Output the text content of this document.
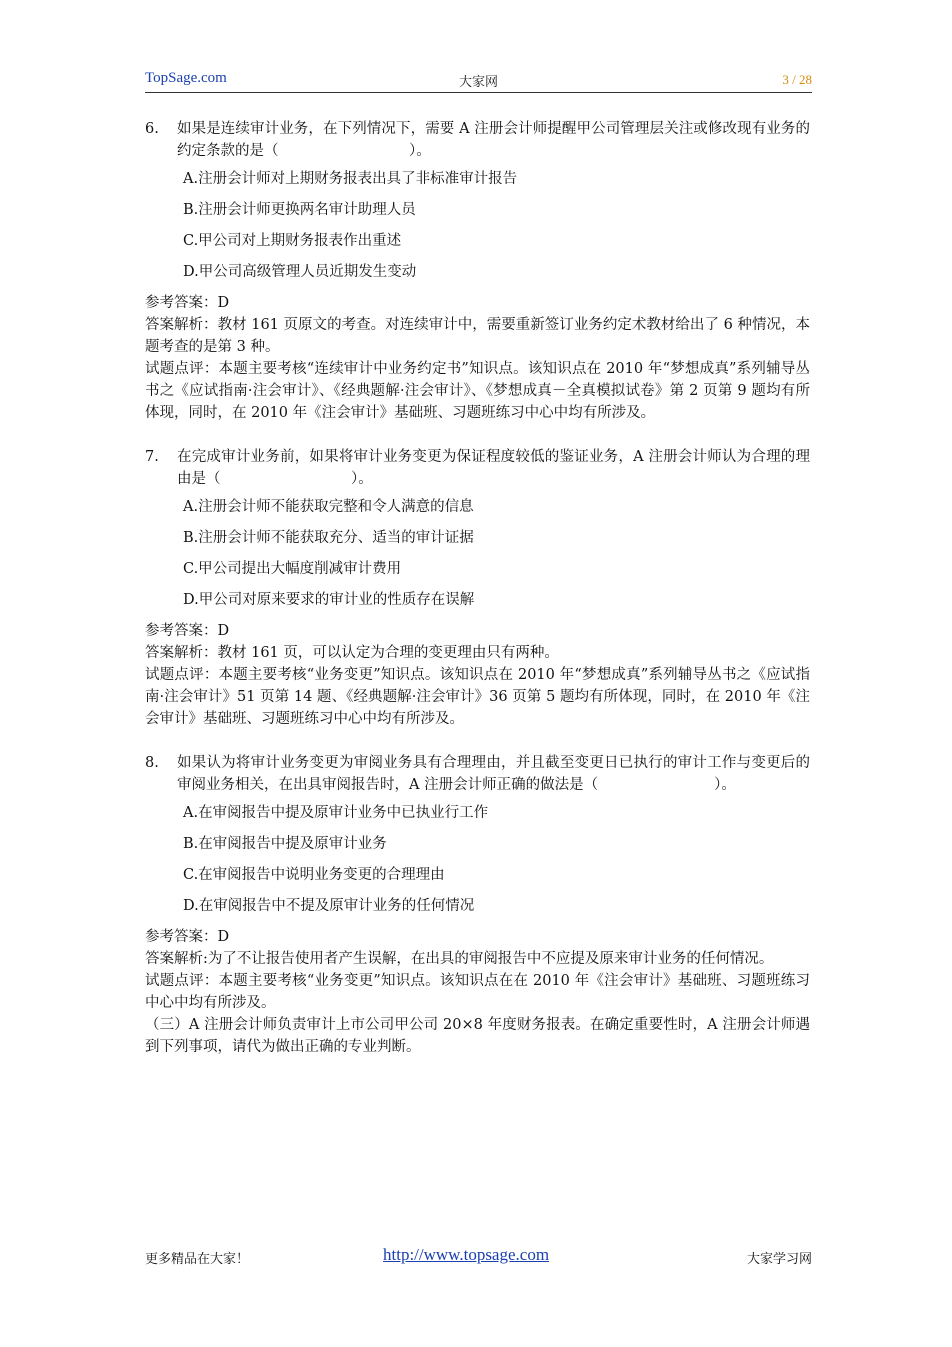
TopSage.com	大家网	3 / 28
6.	如果是连续审计业务，在下列情况下，需要 A 注册会计师提醒甲公司管理层关注或修改现有业务的约定条款的是（　　　　　　　　　）。
A.注册会计师对上期财务报表出具了非标准审计报告
B.注册会计师更换两名审计助理人员
C.甲公司对上期财务报表作出重述
D.甲公司高级管理人员近期发生变动

参考答案：D

答案解析：教材 161 页原文的考查。对连续审计中，需要重新签订业务约定术教材给出了 6 种情况，本题考查的是第 3 种。

试题点评：本题主要考核“连续审计中业务约定书”知识点。该知识点在 2010 年“梦想成真”系列辅导丛书之《应试指南·注会审计》、《经典题解·注会审计》、《梦想成真－全真模拟试卷》第 2 页第 9 题均有所体现，同时，在 2010 年《注会审计》基础班、习题班练习中心中均有所涉及。

7.	在完成审计业务前，如果将审计业务变更为保证程度较低的鉴证业务，A 注册会计师认为合理的理由是（　　　　　　　　　）。
A.注册会计师不能获取完整和令人满意的信息
B.注册会计师不能获取充分、适当的审计证据
C.甲公司提出大幅度削减审计费用
D.甲公司对原来要求的审计业的性质存在误解

参考答案：D

答案解析：教材 161 页，可以认定为合理的变更理由只有两种。

试题点评：本题主要考核“业务变更”知识点。该知识点在 2010 年“梦想成真”系列辅导丛书之《应试指南·注会审计》51 页第 14 题、《经典题解·注会审计》36 页第 5 题均有所体现，同时，在 2010 年《注会审计》基础班、习题班练习中心中均有所涉及。

8.	如果认为将审计业务变更为审阅业务具有合理理由，并且截至变更日已执行的审计工作与变更后的审阅业务相关，在出具审阅报告时，A 注册会计师正确的做法是（　　　　　　　　）。
A.在审阅报告中提及原审计业务中已执业行工作
B.在审阅报告中提及原审计业务
C.在审阅报告中说明业务变更的合理理由
D.在审阅报告中不提及原审计业务的任何情况

参考答案：D

答案解析:为了不让报告使用者产生误解，在出具的审阅报告中不应提及原来审计业务的任何情况。

试题点评：本题主要考核“业务变更”知识点。该知识点在在 2010 年《注会审计》基础班、习题班练习中心中均有所涉及。

（三）A 注册会计师负责审计上市公司甲公司 20×8 年度财务报表。在确定重要性时，A 注册会计师遇到下列事项，请代为做出正确的专业判断。

更多精品在大家！	http://www.topsage.com	大家学习网
